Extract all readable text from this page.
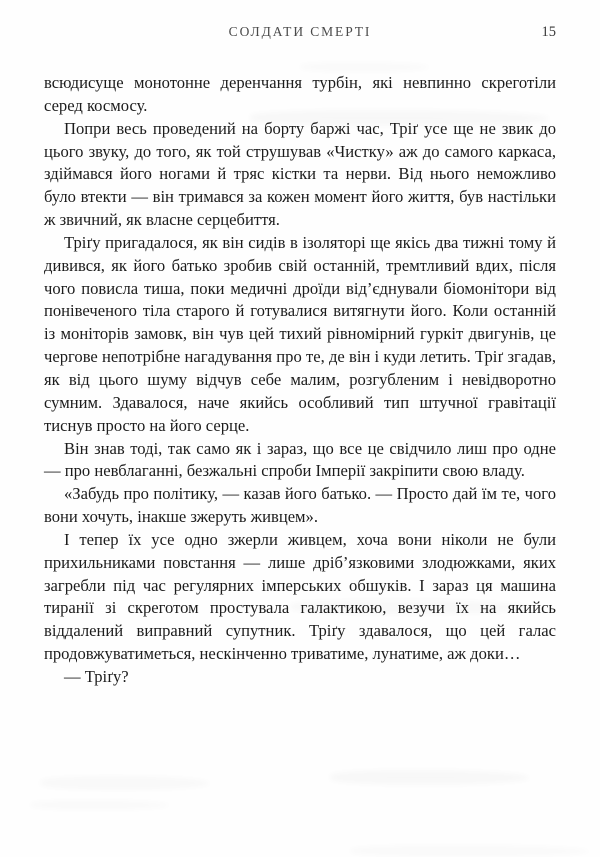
СОЛДАТИ СМЕРТІ	15

всюдисуще монотонне деренчання турбін, які невпинно скреготіли серед космосу.

Попри весь проведений на борту баржі час, Тріґ усе ще не звик до цього звуку, до того, як той струшував «Чистку» аж до самого каркаса, здіймався його ногами й тряс кістки та нерви. Від нього неможливо було втекти — він тримався за кожен момент його життя, був настільки ж звичний, як власне серцебиття.

Тріґу пригадалося, як він сидів в ізоляторі ще якісь два тижні тому й дивився, як його батько зробив свій останній, тремтливий вдих, після чого повисла тиша, поки медичні дроїди від’єднували біомонітори від понівеченого тіла старого й готувалися витягнути його. Коли останній із моніторів замовк, він чув цей тихий рівномірний гуркіт двигунів, це чергове непотрібне нагадування про те, де він і куди летить. Тріґ згадав, як від цього шуму відчув себе малим, розгубленим і невідворотно сумним. Здавалося, наче якийсь особливий тип штучної гравітації тиснув просто на його серце.

Він знав тоді, так само як і зараз, що все це свідчило лиш про одне — про невблаганні, безжальні спроби Імперії закріпити свою владу.

«Забудь про політику, — казав його батько. — Просто дай їм те, чого вони хочуть, інакше зжеруть живцем».

І тепер їх усе одно зжерли живцем, хоча вони ніколи не були прихильниками повстання — лише дріб’язковими злодюжками, яких загребли під час регулярних імперських обшуків. І зараз ця машина тиранії зі скреготом простувала галактикою, везучи їх на якийсь віддалений виправний супутник. Тріґу здавалося, що цей галас продовжуватиметься, нескінченно триватиме, лунатиме, аж доки…

— Тріґу?
